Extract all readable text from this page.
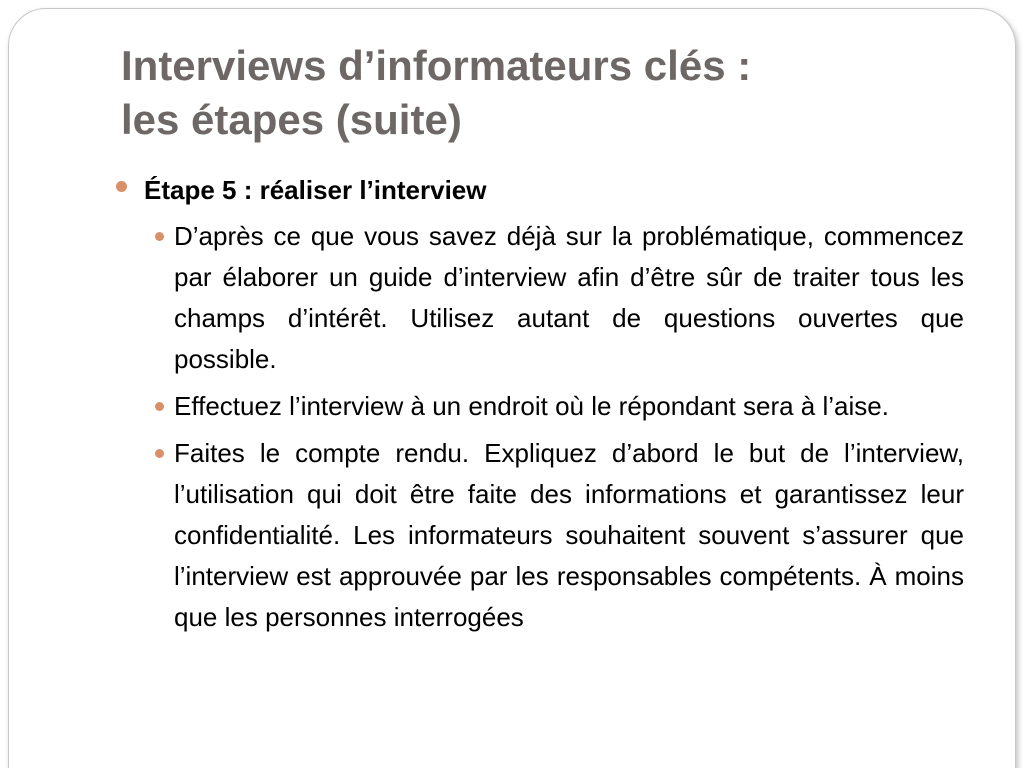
Interviews d’informateurs clés :
les étapes (suite)
Étape 5 : réaliser l’interview
D’après ce que vous savez déjà sur la problématique, commencez par élaborer un guide d’interview afin d’être sûr de traiter tous les champs d’intérêt. Utilisez autant de questions ouvertes que possible.
Effectuez l’interview à un endroit où le répondant sera à l’aise.
Faites le compte rendu. Expliquez d’abord le but de l’interview, l’utilisation qui doit être faite des informations et garantissez leur confidentialité. Les informateurs souhaitent souvent s’assurer que l’interview est approuvée par les responsables compétents. À moins que les personnes interrogées
